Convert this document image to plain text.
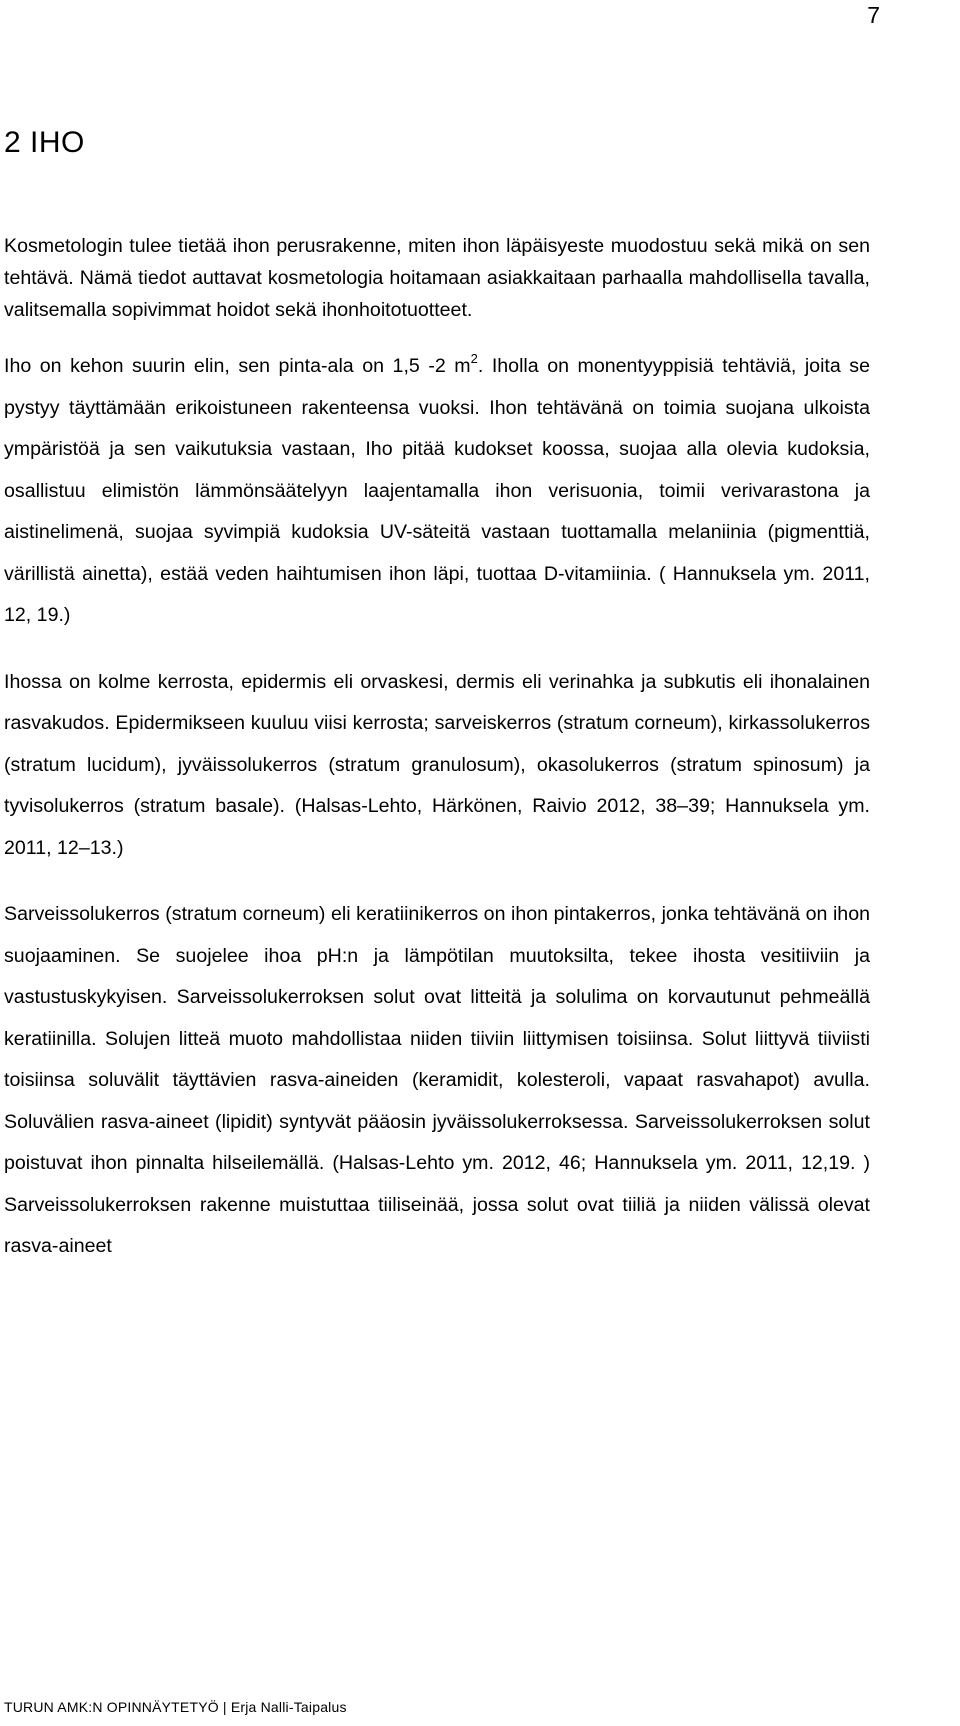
7
2 IHO

Kosmetologin tulee tietää ihon perusrakenne, miten ihon läpäisyeste muodostuu sekä mikä on sen tehtävä. Nämä tiedot auttavat kosmetologia hoitamaan asiakkaitaan parhaalla mahdollisella tavalla, valitsemalla sopivimmat hoidot sekä ihonhoitotuotteet.

Iho on kehon suurin elin, sen pinta-ala on 1,5 -2 $m^2$. Iholla on monentyyppisiä tehtäviä, joita se pystyy täyttämään erikoistuneen rakenteensa vuoksi. Ihon tehtävänä on toimia suojana ulkoista ympäristöä ja sen vaikutuksia vastaan, Iho pitää kudokset koossa, suojaa alla olevia kudoksia, osallistuu elimistön lämmönsäätelyyn laajentamalla ihon verisuonia, toimii verivarastona ja aistinelimenä, suojaa syvimpiä kudoksia UV-säteitä vastaan tuottamalla melaniinia (pigmenttiä, värillistä ainetta), estää veden haihtumisen ihon läpi, tuottaa D-vitamiinia. ( Hannuksela ym. 2011, 12, 19.)

Ihossa on kolme kerrosta, epidermis eli orvaskesi, dermis eli verinahka ja subkutis eli ihonalainen rasvakudos. Epidermikseen kuuluu viisi kerrosta; sarveiskerros (stratum corneum), kirkassolukerros (stratum lucidum), jyväissolukerros (stratum granulosum), okasolukerros (stratum spinosum) ja tyvisolukerros (stratum basale). (Halsas-Lehto, Härkönen, Raivio 2012, 38–39; Hannuksela ym. 2011, 12–13.)

Sarveissolukerros (stratum corneum) eli keratiinikerros on ihon pintakerros, jonka tehtävänä on ihon suojaaminen. Se suojelee ihoa pH:n ja lämpötilan muutoksilta, tekee ihosta vesitiiviin ja vastustuskykyisen. Sarveissolukerroksen solut ovat litteitä ja solulima on korvautunut pehmeällä keratiinilla. Solujen litteä muoto mahdollistaa niiden tiiviin liittymisen toisiinsa. Solut liittyvä tiiviisti toisiinsa soluvälit täyttävien rasva-aineiden (keramidit, kolesteroli, vapaat rasvahapot) avulla. Soluvälien rasva-aineet (lipidit) syntyvät pääosin jyväissolukerroksessa. Sarveissolukerroksen solut poistuvat ihon pinnalta hilseilemällä. (Halsas-Lehto ym. 2012, 46; Hannuksela ym. 2011, 12,19. ) Sarveissolukerroksen rakenne muistuttaa tiiliseinää, jossa solut ovat tiiliä ja niiden välissä olevat rasva-aineet

TURUN AMK:N OPINNÄYTETYÖ | Erja Nalli-Taipalus
